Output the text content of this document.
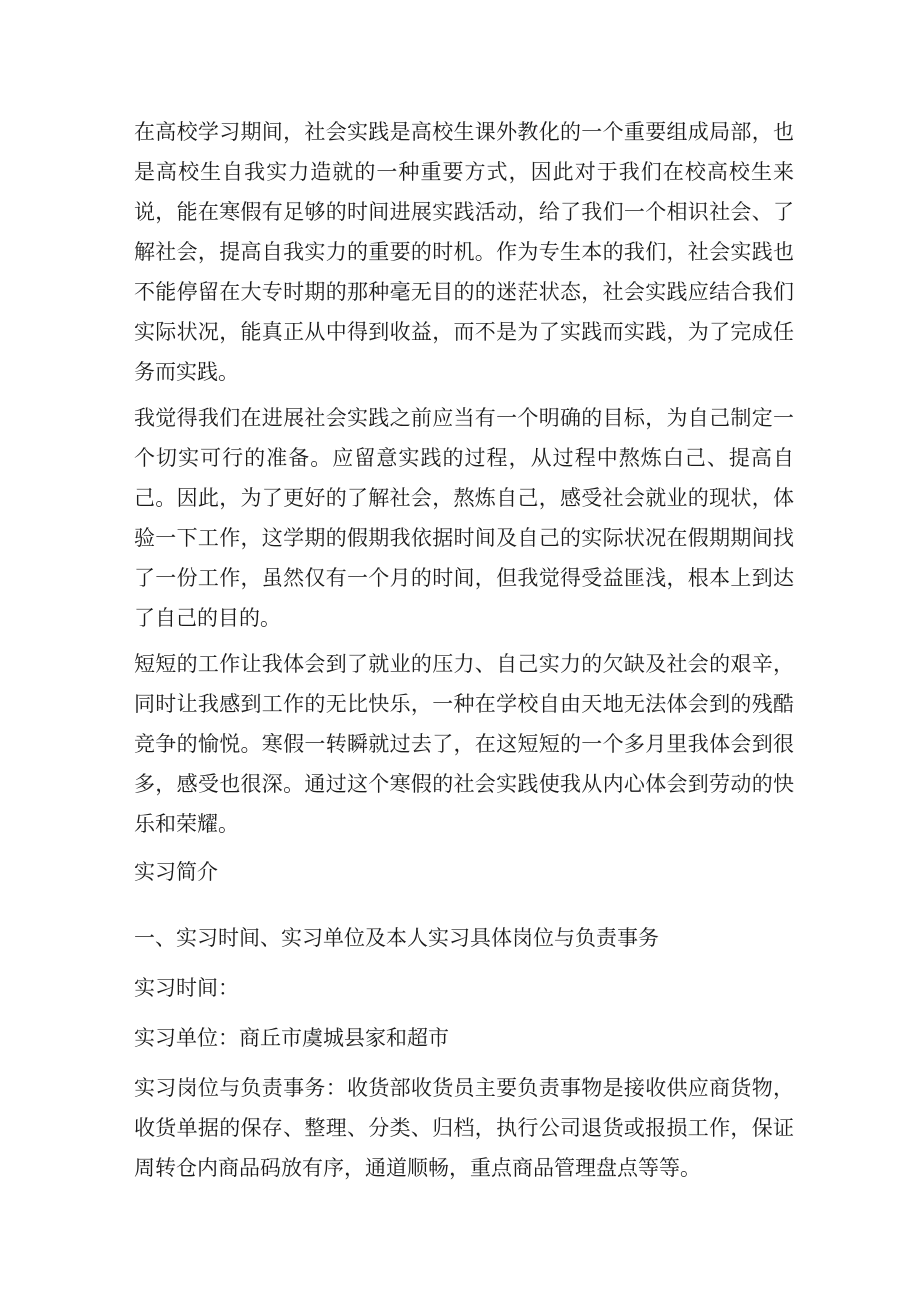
在高校学习期间，社会实践是高校生课外教化的一个重要组成局部，也是高校生自我实力造就的一种重要方式，因此对于我们在校高校生来说，能在寒假有足够的时间进展实践活动，给了我们一个相识社会、了解社会，提高自我实力的重要的时机。作为专生本的我们，社会实践也不能停留在大专时期的那种毫无目的的迷茫状态，社会实践应结合我们实际状况，能真正从中得到收益，而不是为了实践而实践，为了完成任务而实践。

我觉得我们在进展社会实践之前应当有一个明确的目标，为自己制定一个切实可行的准备。应留意实践的过程，从过程中熬炼白己、提高自己。因此，为了更好的了解社会，熬炼自己，感受社会就业的现状，体验一下工作，这学期的假期我依据时间及自己的实际状况在假期期间找了一份工作，虽然仅有一个月的时间，但我觉得受益匪浅，根本上到达了自己的目的。

短短的工作让我体会到了就业的压力、自己实力的欠缺及社会的艰辛，同时让我感到工作的无比快乐，一种在学校自由天地无法体会到的残酷竞争的愉悦。寒假一转瞬就过去了，在这短短的一个多月里我体会到很多，感受也很深。通过这个寒假的社会实践使我从内心体会到劳动的快乐和荣耀。

实习简介

一、实习时间、实习单位及本人实习具体岗位与负责事务

实习时间：

实习单位：商丘市虞城县家和超市

实习岗位与负责事务：收货部收货员主要负责事物是接收供应商货物，收货单据的保存、整理、分类、归档，执行公司退货或报损工作，保证周转仓内商品码放有序，通道顺畅，重点商品管理盘点等等。
